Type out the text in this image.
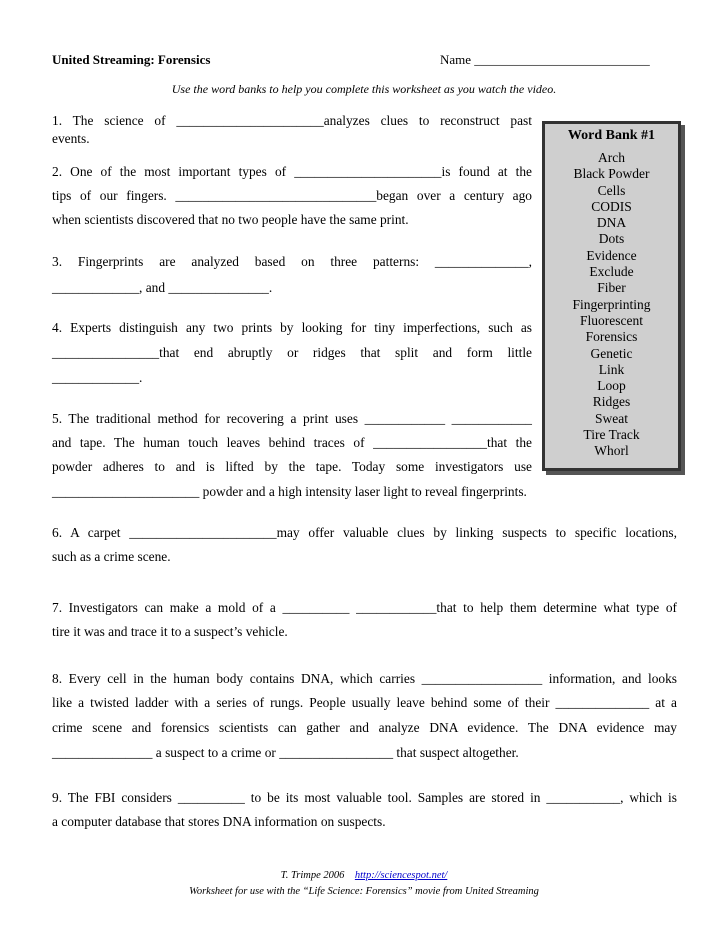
United Streaming: Forensics	Name ___________________________
Use the word banks to help you complete this worksheet as you watch the video.
Word Bank #1
Arch
Black Powder
Cells
CODIS
DNA
Dots
Evidence
Exclude
Fiber
Fingerprinting
Fluorescent
Forensics
Genetic
Link
Loop
Ridges
Sweat
Tire Track
Whorl
1. The science of ______________________analyzes clues to reconstruct past
events.
2. One of the most important types of ______________________is found at the
tips of our fingers. ______________________________began over a century ago
when scientists discovered that no two people have the same print.
3. Fingerprints are analyzed based on three patterns: ______________,
_____________, and _______________.
4. Experts distinguish any two prints by looking for tiny imperfections, such as
________________that end abruptly or ridges that split and form little
_____________.
5. The traditional method for recovering a print uses ____________ ____________
and tape. The human touch leaves behind traces of _________________that the
powder adheres to and is lifted by the tape. Today some investigators use
______________________ powder and a high intensity laser light to reveal fingerprints.
6. A carpet ______________________may offer valuable clues by linking suspects to specific locations,
such as a crime scene.
7. Investigators can make a mold of a __________ ____________that to help them determine what type of
tire it was and trace it to a suspect’s vehicle.
8. Every cell in the human body contains DNA, which carries __________________ information, and looks
like a twisted ladder with a series of rungs. People usually leave behind some of their ______________ at a
crime scene and forensics scientists can gather and analyze DNA evidence. The DNA evidence may
_______________ a suspect to a crime or _________________ that suspect altogether.
9. The FBI considers __________ to be its most valuable tool. Samples are stored in ___________, which is
a computer database that stores DNA information on suspects.
T. Trimpe 2006 http://sciencespot.net/
Worksheet for use with the “Life Science: Forensics” movie from United Streaming
